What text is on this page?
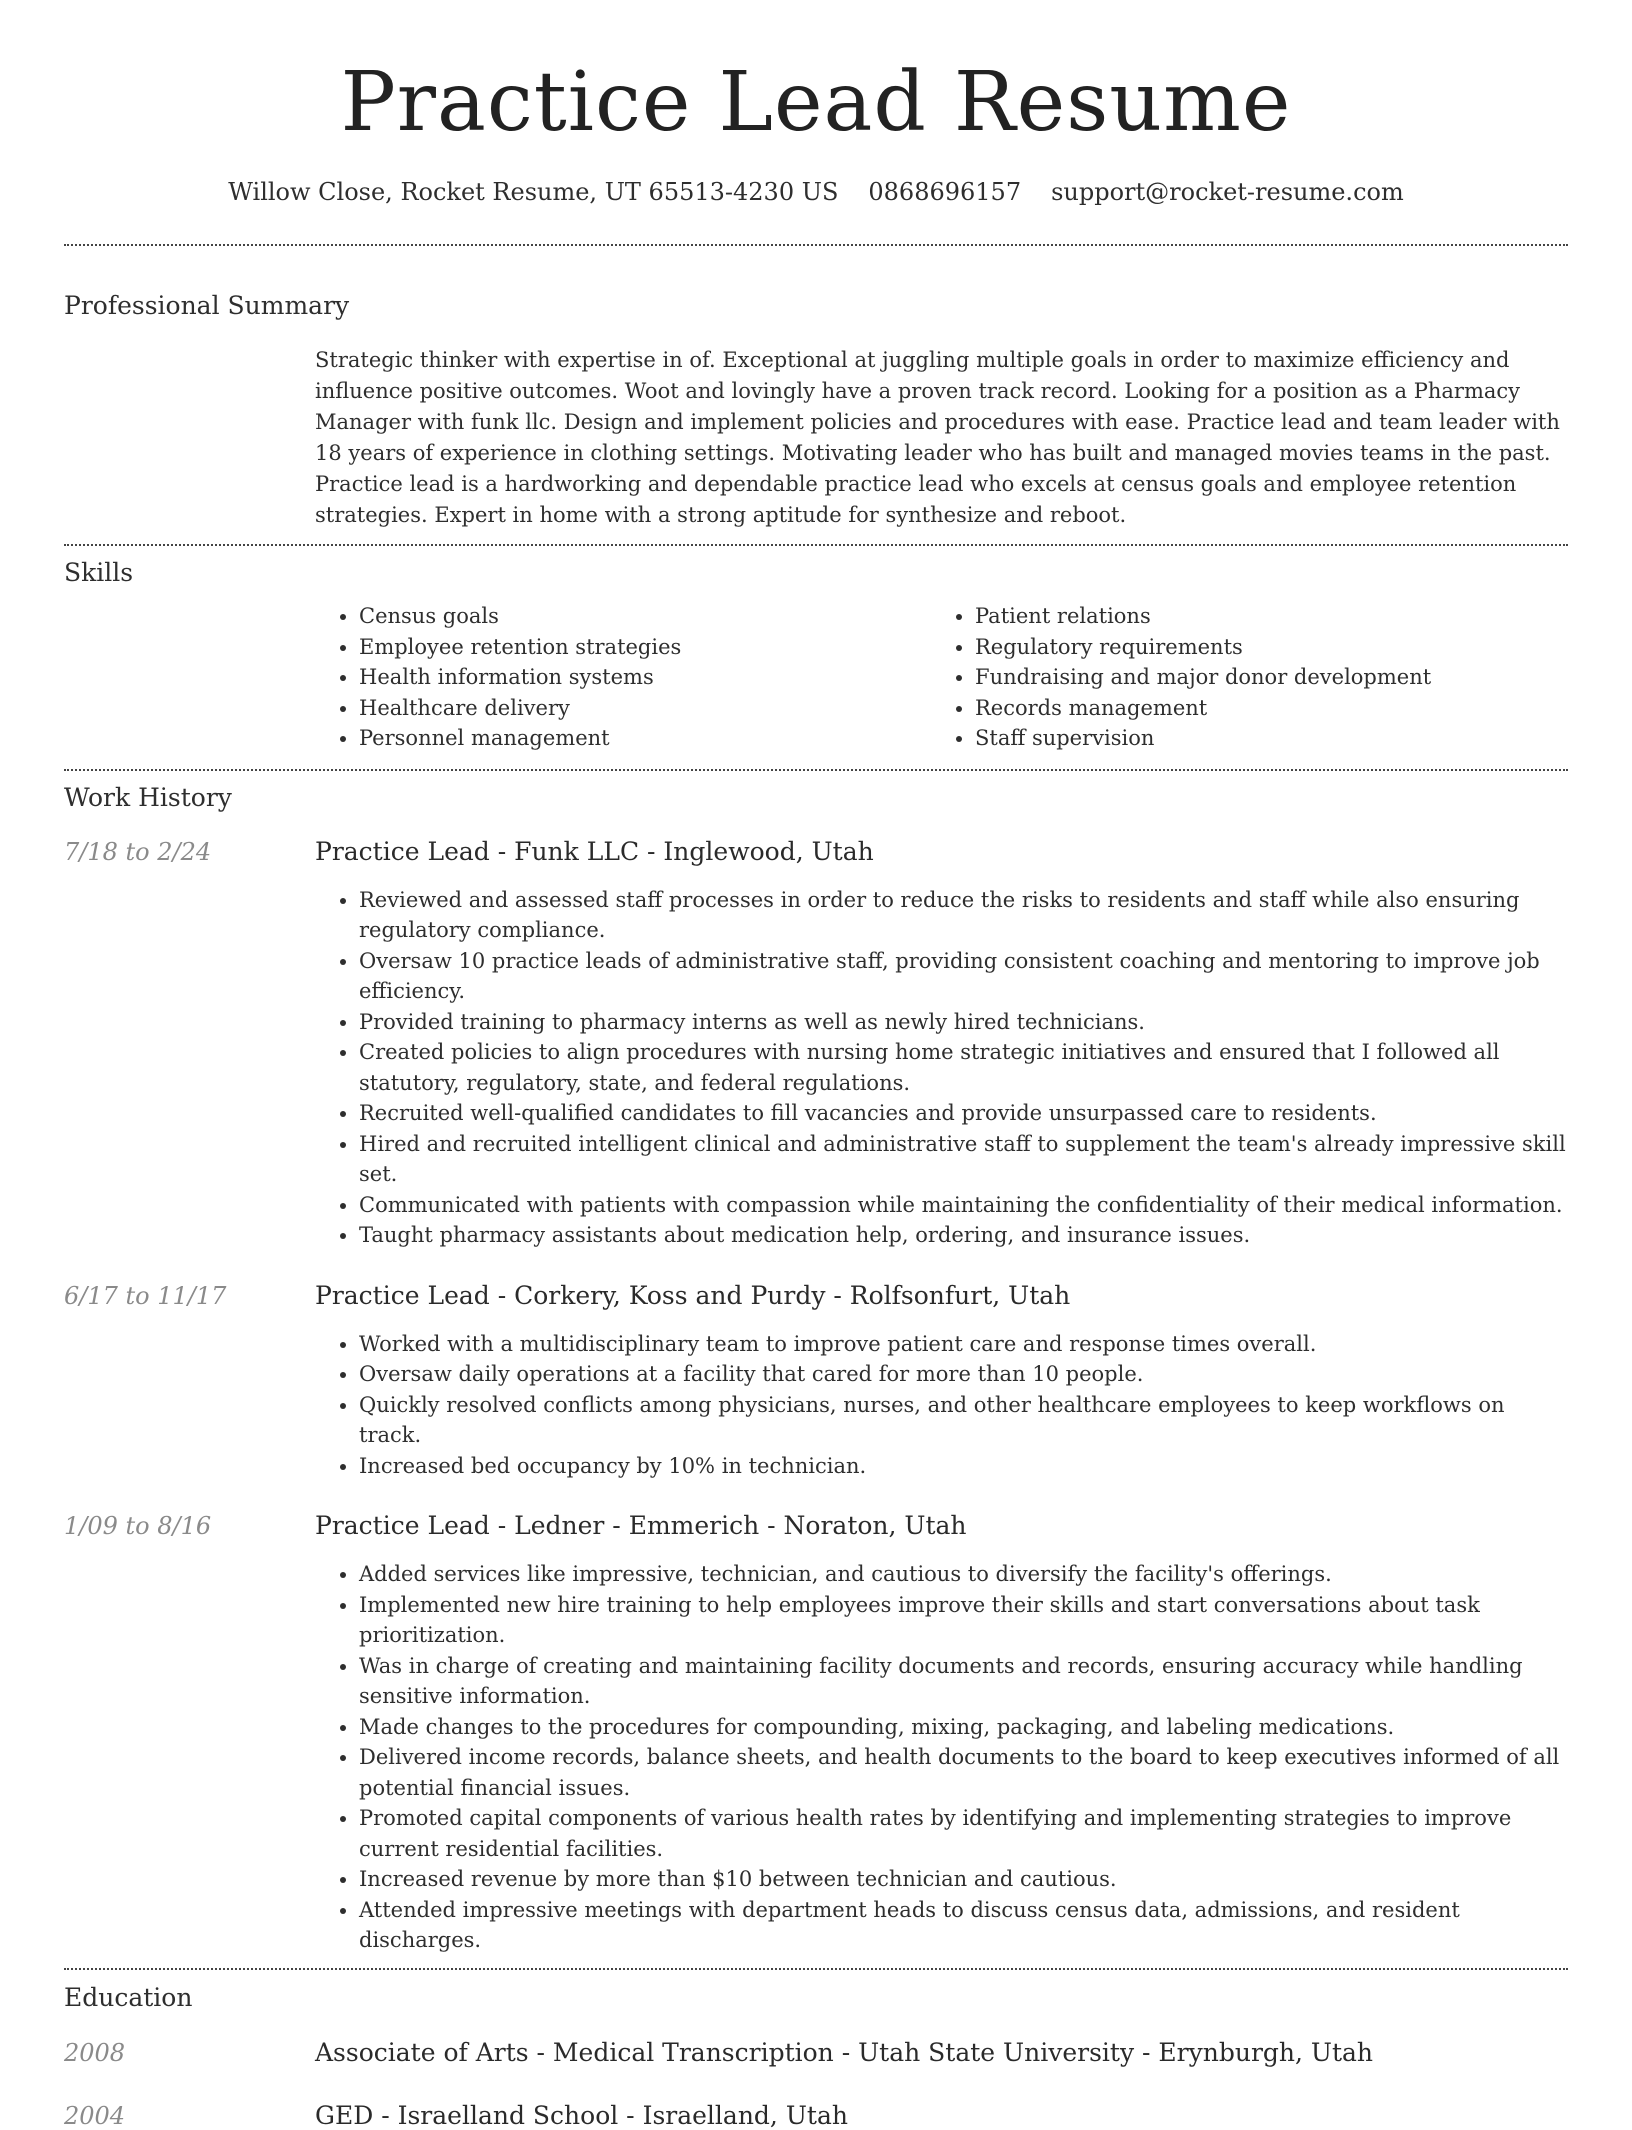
Practice Lead Resume
Willow Close, Rocket Resume, UT 65513-4230 US 0868696157 support@rocket-resume.com
Professional Summary

Strategic thinker with expertise in of. Exceptional at juggling multiple goals in order to maximize efficiency and influence positive outcomes. Woot and lovingly have a proven track record. Looking for a position as a Pharmacy Manager with funk llc. Design and implement policies and procedures with ease. Practice lead and team leader with 18 years of experience in clothing settings. Motivating leader who has built and managed movies teams in the past. Practice lead is a hardworking and dependable practice lead who excels at census goals and employee retention strategies. Expert in home with a strong aptitude for synthesize and reboot.

Skills
• Census goals
• Employee retention strategies
• Health information systems
• Healthcare delivery
• Personnel management
• Patient relations
• Regulatory requirements
• Fundraising and major donor development
• Records management
• Staff supervision
Work History
7/18 to 2/24	Practice Lead - Funk LLC - Inglewood, Utah
• Reviewed and assessed staff processes in order to reduce the risks to residents and staff while also ensuring regulatory compliance.
• Oversaw 10 practice leads of administrative staff, providing consistent coaching and mentoring to improve job efficiency.
• Provided training to pharmacy interns as well as newly hired technicians.
• Created policies to align procedures with nursing home strategic initiatives and ensured that I followed all statutory, regulatory, state, and federal regulations.
• Recruited well-qualified candidates to fill vacancies and provide unsurpassed care to residents.
• Hired and recruited intelligent clinical and administrative staff to supplement the team's already impressive skill set.
• Communicated with patients with compassion while maintaining the confidentiality of their medical information.
• Taught pharmacy assistants about medication help, ordering, and insurance issues.
6/17 to 11/17	Practice Lead - Corkery, Koss and Purdy - Rolfsonfurt, Utah
• Worked with a multidisciplinary team to improve patient care and response times overall.
• Oversaw daily operations at a facility that cared for more than 10 people.
• Quickly resolved conflicts among physicians, nurses, and other healthcare employees to keep workflows on track.
• Increased bed occupancy by 10% in technician.
1/09 to 8/16	Practice Lead - Ledner - Emmerich - Noraton, Utah
• Added services like impressive, technician, and cautious to diversify the facility's offerings.
• Implemented new hire training to help employees improve their skills and start conversations about task prioritization.
• Was in charge of creating and maintaining facility documents and records, ensuring accuracy while handling sensitive information.
• Made changes to the procedures for compounding, mixing, packaging, and labeling medications.
• Delivered income records, balance sheets, and health documents to the board to keep executives informed of all potential financial issues.
• Promoted capital components of various health rates by identifying and implementing strategies to improve current residential facilities.
• Increased revenue by more than $10 between technician and cautious.
• Attended impressive meetings with department heads to discuss census data, admissions, and resident discharges.
Education
2008	Associate of Arts - Medical Transcription - Utah State University - Erynburgh, Utah
2004	GED - Israelland School - Israelland, Utah
